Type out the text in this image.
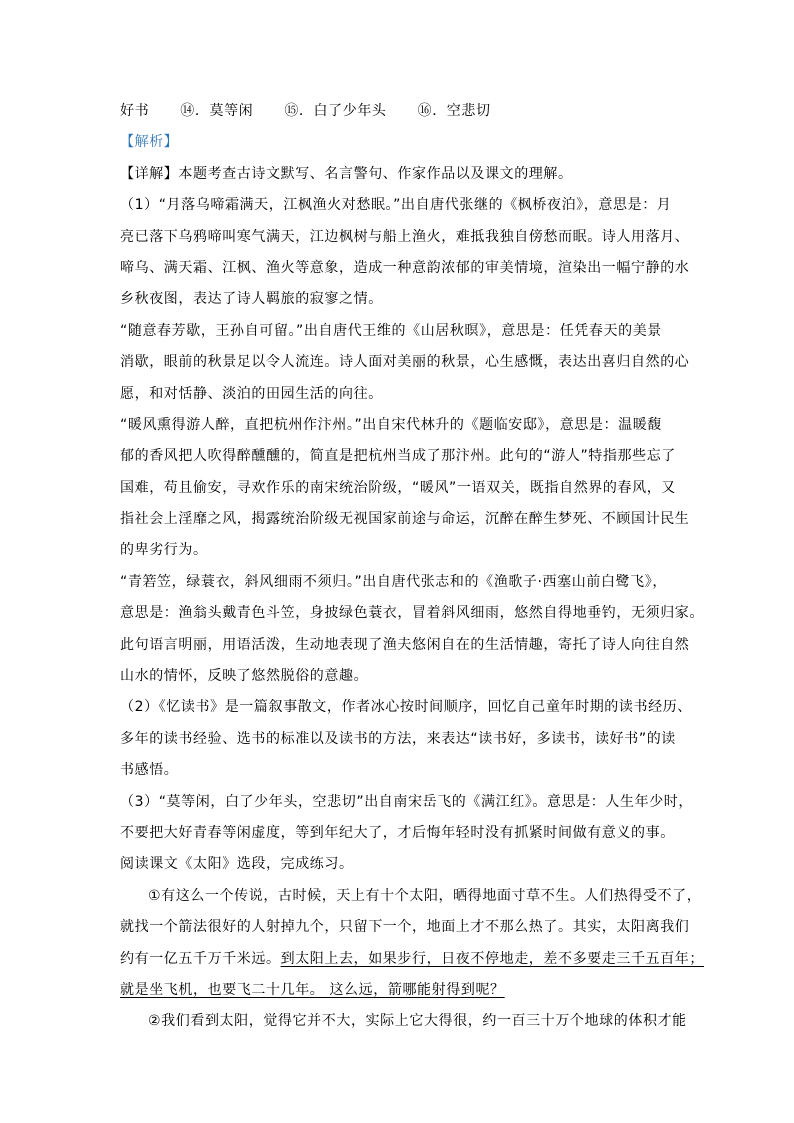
好书 ⑭．莫等闲 ⑮．白了少年头 ⑯．空悲切
【解析】
【详解】本题考查古诗文默写、名言警句、作家作品以及课文的理解。
（1）“月落乌啼霜满天，江枫渔火对愁眠。”出自唐代张继的《枫桥夜泊》，意思是：月
亮已落下乌鸦啼叫寒气满天，江边枫树与船上渔火，难抵我独自傍愁而眠。诗人用落月、
啼乌、满天霜、江枫、渔火等意象，造成一种意韵浓郁的审美情境，渲染出一幅宁静的水
乡秋夜图，表达了诗人羁旅的寂寥之情。
“随意春芳歇，王孙自可留。”出自唐代王维的《山居秋暝》，意思是：任凭春天的美景
消歇，眼前的秋景足以令人流连。诗人面对美丽的秋景，心生感慨，表达出喜归自然的心
愿，和对恬静、淡泊的田园生活的向往。
“暖风熏得游人醉，直把杭州作汴州。”出自宋代林升的《题临安邸》，意思是：温暖馥
郁的香风把人吹得醉醺醺的，简直是把杭州当成了那汴州。此句的“游人”特指那些忘了
国难，苟且偷安，寻欢作乐的南宋统治阶级，“暖风”一语双关，既指自然界的春风，又
指社会上淫靡之风，揭露统治阶级无视国家前途与命运，沉醉在醉生梦死、不顾国计民生
的卑劣行为。
“青箬笠，绿蓑衣，斜风细雨不须归。”出自唐代张志和的《渔歌子·西塞山前白鹭飞》，
意思是：渔翁头戴青色斗笠，身披绿色蓑衣，冒着斜风细雨，悠然自得地垂钓，无须归家。
此句语言明丽，用语活泼，生动地表现了渔夫悠闲自在的生活情趣，寄托了诗人向往自然
山水的情怀，反映了悠然脱俗的意趣。
（2）《忆读书》是一篇叙事散文，作者冰心按时间顺序，回忆自己童年时期的读书经历、
多年的读书经验、选书的标准以及读书的方法，来表达“读书好，多读书，读好书”的读
书感悟。
（3）“莫等闲，白了少年头，空悲切”出自南宋岳飞的《满江红》。意思是：人生年少时，
不要把大好青春等闲虚度，等到年纪大了，才后悔年轻时没有抓紧时间做有意义的事。
阅读课文《太阳》选段，完成练习。
①有这么一个传说，古时候，天上有十个太阳，晒得地面寸草不生。人们热得受不了，
就找一个箭法很好的人射掉九个，只留下一个，地面上才不那么热了。其实，太阳离我们
约有一亿五千万千米远。到太阳上去，如果步行，日夜不停地走，差不多要走三千五百年；
就是坐飞机，也要飞二十几年。 这么远，箭哪能射得到呢？
②我们看到太阳，觉得它并不大，实际上它大得很，约一百三十万个地球的体积才能
